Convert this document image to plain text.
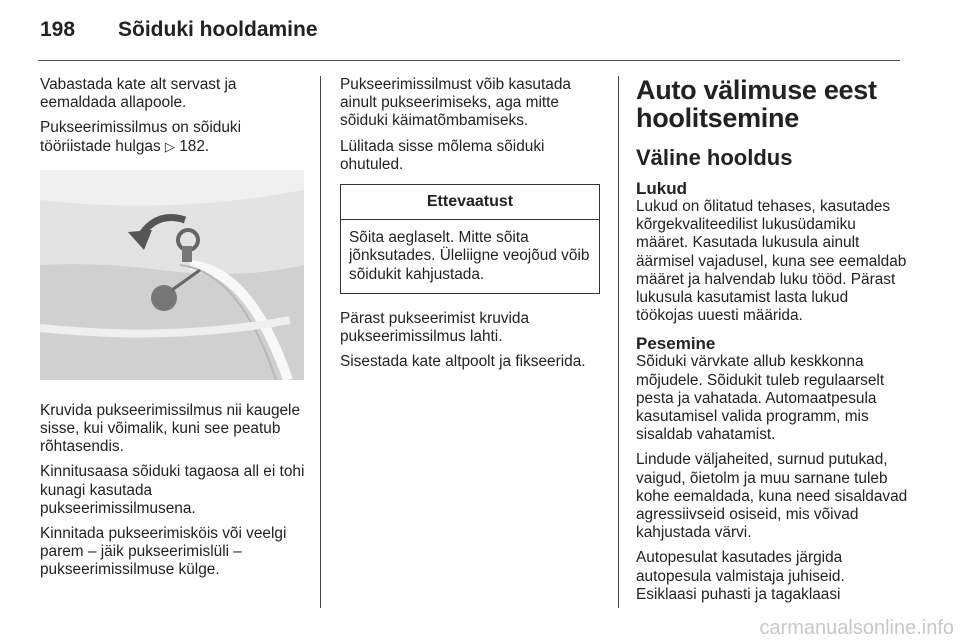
198	Sõiduki hooldamine

Vabastada kate alt servast ja eemaldada allapoole.

Pukseerimissilmus on sõiduki tööriistade hulgas ▷ 182.

Kruvida pukseerimissilmus nii kaugele sisse, kui võimalik, kuni see peatub rõhtasendis.

Kinnitusaasa sõiduki tagaosa all ei tohi kunagi kasutada pukseerimissilmusena.

Kinnitada pukseerimisköis või veelgi parem – jäik pukseerimislüli – pukseerimissilmuse külge.

Pukseerimissilmust võib kasutada ainult pukseerimiseks, aga mitte sõiduki käimatõmbamiseks.

Lülitada sisse mõlema sõiduki ohutuled.

Ettevaatust
Sõita aeglaselt. Mitte sõita jõnksutades. Üleliigne veojõud võib sõidukit kahjustada.

Pärast pukseerimist kruvida pukseerimissilmus lahti.

Sisestada kate altpoolt ja fikseerida.

Auto välimuse eest hoolitsemine
Väline hooldus
Lukud

Lukud on õlitatud tehases, kasutades kõrgekvaliteedilist lukusüdamiku määret. Kasutada lukusula ainult äärmisel vajadusel, kuna see eemaldab määret ja halvendab luku tööd. Pärast lukusula kasutamist lasta lukud töökojas uuesti määrida.

Pesemine

Sõiduki värvkate allub keskkonna mõjudele. Sõidukit tuleb regulaarselt pesta ja vahatada. Automaatpesula kasutamisel valida programm, mis sisaldab vahatamist.

Lindude väljaheited, surnud putukad, vaigud, õietolm ja muu sarnane tuleb kohe eemaldada, kuna need sisaldavad agressiivseid osiseid, mis võivad kahjustada värvi.

Autopesulat kasutades järgida autopesula valmistaja juhiseid. Esiklaasi puhasti ja tagaklaasi

carmanualsonline.info
